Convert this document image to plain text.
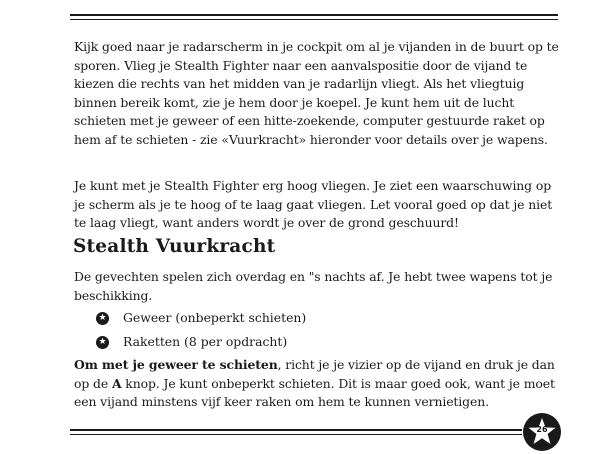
Kijk goed naar je radarscherm in je cockpit om al je vijanden in de buurt op te sporen. Vlieg je Stealth Fighter naar een aanvalspositie door de vijand te kiezen die rechts van het midden van je radarlijn vliegt. Als het vliegtuig binnen bereik komt, zie je hem door je koepel. Je kunt hem uit de lucht schieten met je geweer of een hitte-zoekende, computer gestuurde raket op hem af te schieten - zie «Vuurkracht» hieronder voor details over je wapens.

Je kunt met je Stealth Fighter erg hoog vliegen. Je ziet een waarschuwing op je scherm als je te hoog of te laag gaat vliegen. Let vooral goed op dat je niet te laag vliegt, want anders wordt je over de grond geschuurd!

Stealth Vuurkracht

De gevechten spelen zich overdag en "s nachts af. Je hebt twee wapens tot je beschikking.

★ Geweer (onbeperkt schieten)
★ Raketten (8 per opdracht)

Om met je geweer te schieten, richt je je vizier op de vijand en druk je dan op de A knop. Je kunt onbeperkt schieten. Dit is maar goed ook, want je moet een vijand minstens vijf keer raken om hem te kunnen vernietigen.

26
